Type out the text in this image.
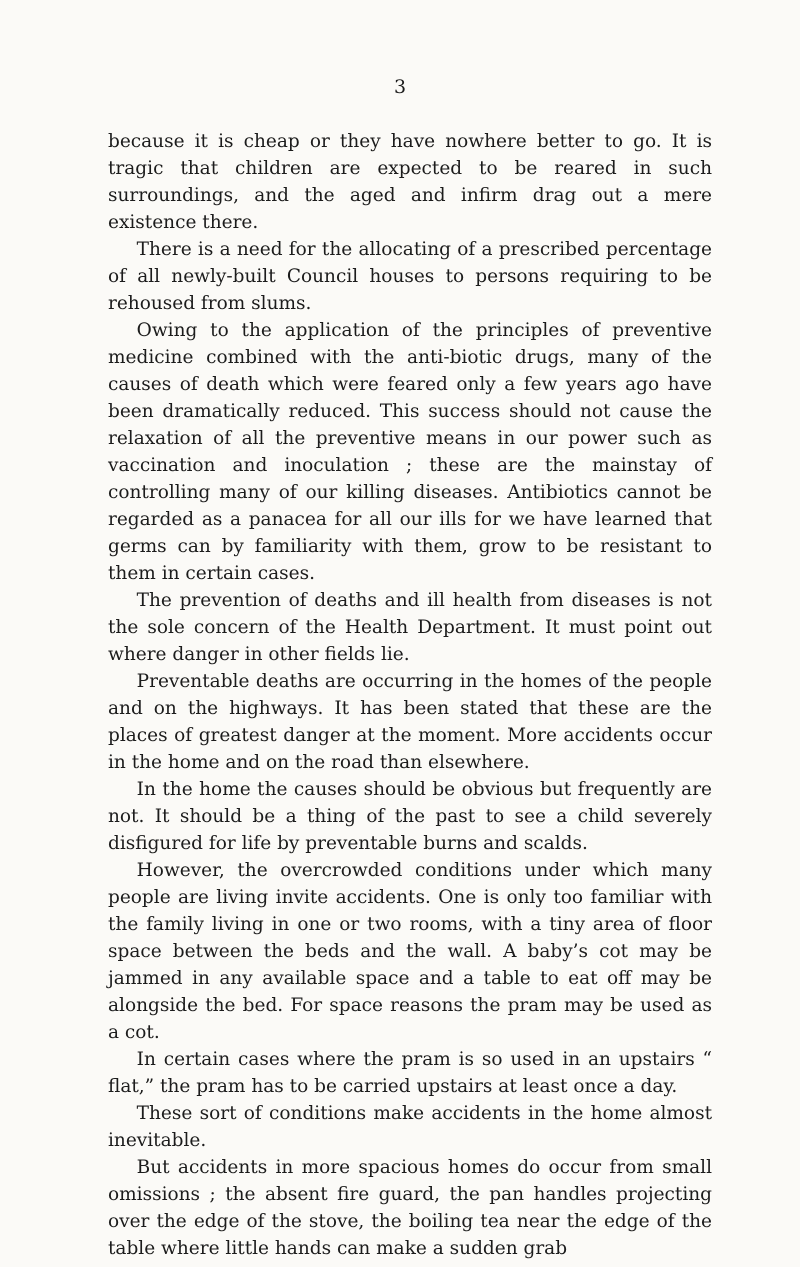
3

because it is cheap or they have nowhere better to go. It is tragic that children are expected to be reared in such surroundings, and the aged and infirm drag out a mere existence there.

There is a need for the allocating of a prescribed percentage of all newly-built Council houses to persons requiring to be rehoused from slums.

Owing to the application of the principles of preventive medicine combined with the anti-biotic drugs, many of the causes of death which were feared only a few years ago have been dramatically reduced. This success should not cause the relaxation of all the preventive means in our power such as vaccination and inoculation ; these are the mainstay of controlling many of our killing diseases. Antibiotics cannot be regarded as a panacea for all our ills for we have learned that germs can by familiarity with them, grow to be resistant to them in certain cases.

The prevention of deaths and ill health from diseases is not the sole concern of the Health Department. It must point out where danger in other fields lie.

Preventable deaths are occurring in the homes of the people and on the highways. It has been stated that these are the places of greatest danger at the moment. More accidents occur in the home and on the road than elsewhere.

In the home the causes should be obvious but frequently are not. It should be a thing of the past to see a child severely disfigured for life by preventable burns and scalds.

However, the overcrowded conditions under which many people are living invite accidents. One is only too familiar with the family living in one or two rooms, with a tiny area of floor space between the beds and the wall. A baby’s cot may be jammed in any available space and a table to eat off may be alongside the bed. For space reasons the pram may be used as a cot.

In certain cases where the pram is so used in an upstairs “ flat,” the pram has to be carried upstairs at least once a day.

These sort of conditions make accidents in the home almost inevitable.

But accidents in more spacious homes do occur from small omissions ; the absent fire guard, the pan handles projecting over the edge of the stove, the boiling tea near the edge of the table where little hands can make a sudden grab
